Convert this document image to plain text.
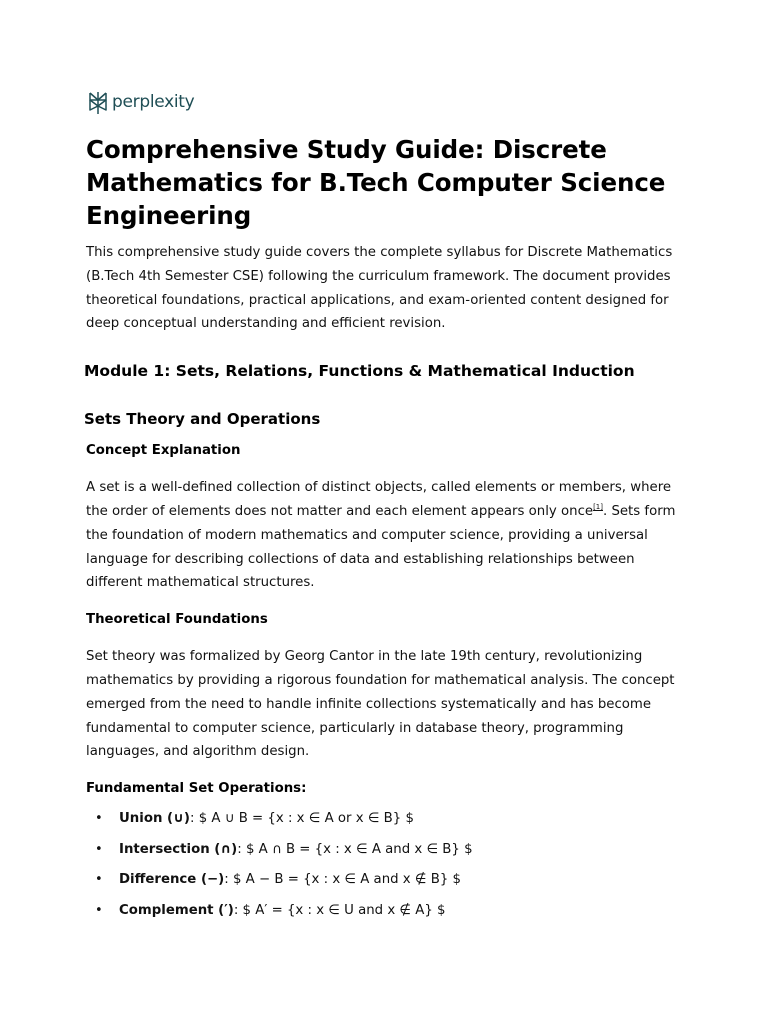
perplexity
Comprehensive Study Guide: Discrete Mathematics for B.Tech Computer Science Engineering

This comprehensive study guide covers the complete syllabus for Discrete Mathematics (B.Tech 4th Semester CSE) following the curriculum framework. The document provides theoretical foundations, practical applications, and exam-oriented content designed for deep conceptual understanding and efficient revision.

Module 1: Sets, Relations, Functions & Mathematical Induction
Sets Theory and Operations
Concept Explanation

A set is a well-defined collection of distinct objects, called elements or members, where the order of elements does not matter and each element appears only once[1]. Sets form the foundation of modern mathematics and computer science, providing a universal language for describing collections of data and establishing relationships between different mathematical structures.

Theoretical Foundations

Set theory was formalized by Georg Cantor in the late 19th century, revolutionizing mathematics by providing a rigorous foundation for mathematical analysis. The concept emerged from the need to handle infinite collections systematically and has become fundamental to computer science, particularly in database theory, programming languages, and algorithm design.

Fundamental Set Operations:
• Union (∪): $ A ∪ B = {x : x ∈ A or x ∈ B} $
• Intersection (∩): $ A ∩ B = {x : x ∈ A and x ∈ B} $
• Difference (−): $ A − B = {x : x ∈ A and x ∉ B} $
• Complement (′): $ A′ = {x : x ∈ U and x ∉ A} $
